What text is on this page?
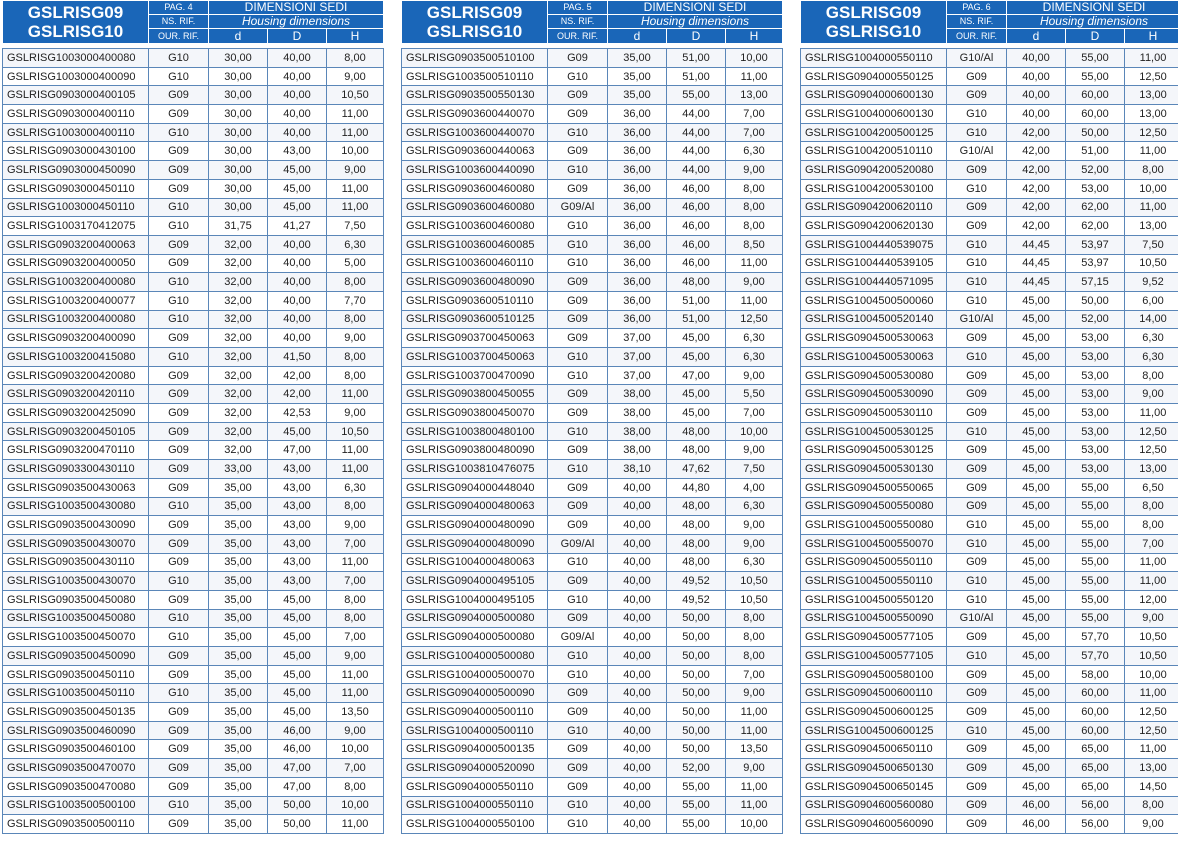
GSLRISG09
GSLRISG10	PAG. 4	DIMENSIONI SEDI		
	NS. RIF.	Housing dimensions		
	OUR. RIF.	d	D	H

GSLRISG1003000400080	G10	30,00	40,00	8,00
GSLRISG1003000400090	G10	30,00	40,00	9,00
GSLRISG0903000400105	G09	30,00	40,00	10,50
GSLRISG0903000400110	G09	30,00	40,00	11,00
GSLRISG1003000400110	G10	30,00	40,00	11,00
GSLRISG0903000430100	G09	30,00	43,00	10,00
GSLRISG0903000450090	G09	30,00	45,00	9,00
GSLRISG0903000450110	G09	30,00	45,00	11,00
GSLRISG1003000450110	G10	30,00	45,00	11,00
GSLRISG1003170412075	G10	31,75	41,27	7,50
GSLRISG0903200400063	G09	32,00	40,00	6,30
GSLRISG0903200400050	G09	32,00	40,00	5,00
GSLRISG1003200400080	G10	32,00	40,00	8,00
GSLRISG1003200400077	G10	32,00	40,00	7,70
GSLRISG1003200400080	G10	32,00	40,00	8,00
GSLRISG0903200400090	G09	32,00	40,00	9,00
GSLRISG1003200415080	G10	32,00	41,50	8,00
GSLRISG0903200420080	G09	32,00	42,00	8,00
GSLRISG0903200420110	G09	32,00	42,00	11,00
GSLRISG0903200425090	G09	32,00	42,53	9,00
GSLRISG0903200450105	G09	32,00	45,00	10,50
GSLRISG0903200470110	G09	32,00	47,00	11,00
GSLRISG0903300430110	G09	33,00	43,00	11,00
GSLRISG0903500430063	G09	35,00	43,00	6,30
GSLRISG1003500430080	G10	35,00	43,00	8,00
GSLRISG0903500430090	G09	35,00	43,00	9,00
GSLRISG0903500430070	G09	35,00	43,00	7,00
GSLRISG0903500430110	G09	35,00	43,00	11,00
GSLRISG1003500430070	G10	35,00	43,00	7,00
GSLRISG0903500450080	G09	35,00	45,00	8,00
GSLRISG1003500450080	G10	35,00	45,00	8,00
GSLRISG1003500450070	G10	35,00	45,00	7,00
GSLRISG0903500450090	G09	35,00	45,00	9,00
GSLRISG0903500450110	G09	35,00	45,00	11,00
GSLRISG1003500450110	G10	35,00	45,00	11,00
GSLRISG0903500450135	G09	35,00	45,00	13,50
GSLRISG0903500460090	G09	35,00	46,00	9,00
GSLRISG0903500460100	G09	35,00	46,00	10,00
GSLRISG0903500470070	G09	35,00	47,00	7,00
GSLRISG0903500470080	G09	35,00	47,00	8,00
GSLRISG1003500500100	G10	35,00	50,00	10,00
GSLRISG0903500500110	G09	35,00	50,00	11,00
GSLRISG09
GSLRISG10	PAG. 5	DIMENSIONI SEDI		
	NS. RIF.	Housing dimensions		
	OUR. RIF.	d	D	H

GSLRISG0903500510100	G09	35,00	51,00	10,00
GSLRISG1003500510110	G10	35,00	51,00	11,00
GSLRISG0903500550130	G09	35,00	55,00	13,00
GSLRISG0903600440070	G09	36,00	44,00	7,00
GSLRISG1003600440070	G10	36,00	44,00	7,00
GSLRISG0903600440063	G09	36,00	44,00	6,30
GSLRISG1003600440090	G10	36,00	44,00	9,00
GSLRISG0903600460080	G09	36,00	46,00	8,00
GSLRISG0903600460080	G09/Al	36,00	46,00	8,00
GSLRISG1003600460080	G10	36,00	46,00	8,00
GSLRISG1003600460085	G10	36,00	46,00	8,50
GSLRISG1003600460110	G10	36,00	46,00	11,00
GSLRISG0903600480090	G09	36,00	48,00	9,00
GSLRISG0903600510110	G09	36,00	51,00	11,00
GSLRISG0903600510125	G09	36,00	51,00	12,50
GSLRISG0903700450063	G09	37,00	45,00	6,30
GSLRISG1003700450063	G10	37,00	45,00	6,30
GSLRISG1003700470090	G10	37,00	47,00	9,00
GSLRISG0903800450055	G09	38,00	45,00	5,50
GSLRISG0903800450070	G09	38,00	45,00	7,00
GSLRISG1003800480100	G10	38,00	48,00	10,00
GSLRISG0903800480090	G09	38,00	48,00	9,00
GSLRISG1003810476075	G10	38,10	47,62	7,50
GSLRISG0904000448040	G09	40,00	44,80	4,00
GSLRISG0904000480063	G09	40,00	48,00	6,30
GSLRISG0904000480090	G09	40,00	48,00	9,00
GSLRISG0904000480090	G09/Al	40,00	48,00	9,00
GSLRISG1004000480063	G10	40,00	48,00	6,30
GSLRISG0904000495105	G09	40,00	49,52	10,50
GSLRISG1004000495105	G10	40,00	49,52	10,50
GSLRISG0904000500080	G09	40,00	50,00	8,00
GSLRISG0904000500080	G09/Al	40,00	50,00	8,00
GSLRISG1004000500080	G10	40,00	50,00	8,00
GSLRISG1004000500070	G10	40,00	50,00	7,00
GSLRISG0904000500090	G09	40,00	50,00	9,00
GSLRISG0904000500110	G09	40,00	50,00	11,00
GSLRISG1004000500110	G10	40,00	50,00	11,00
GSLRISG0904000500135	G09	40,00	50,00	13,50
GSLRISG0904000520090	G09	40,00	52,00	9,00
GSLRISG0904000550110	G09	40,00	55,00	11,00
GSLRISG1004000550110	G10	40,00	55,00	11,00
GSLRISG1004000550100	G10	40,00	55,00	10,00
GSLRISG09
GSLRISG10	PAG. 6	DIMENSIONI SEDI		
	NS. RIF.	Housing dimensions		
	OUR. RIF.	d	D	H

GSLRISG1004000550110	G10/Al	40,00	55,00	11,00
GSLRISG0904000550125	G09	40,00	55,00	12,50
GSLRISG0904000600130	G09	40,00	60,00	13,00
GSLRISG1004000600130	G10	40,00	60,00	13,00
GSLRISG1004200500125	G10	42,00	50,00	12,50
GSLRISG1004200510110	G10/Al	42,00	51,00	11,00
GSLRISG0904200520080	G09	42,00	52,00	8,00
GSLRISG1004200530100	G10	42,00	53,00	10,00
GSLRISG0904200620110	G09	42,00	62,00	11,00
GSLRISG0904200620130	G09	42,00	62,00	13,00
GSLRISG1004440539075	G10	44,45	53,97	7,50
GSLRISG1004440539105	G10	44,45	53,97	10,50
GSLRISG1004440571095	G10	44,45	57,15	9,52
GSLRISG1004500500060	G10	45,00	50,00	6,00
GSLRISG1004500520140	G10/Al	45,00	52,00	14,00
GSLRISG0904500530063	G09	45,00	53,00	6,30
GSLRISG1004500530063	G10	45,00	53,00	6,30
GSLRISG0904500530080	G09	45,00	53,00	8,00
GSLRISG0904500530090	G09	45,00	53,00	9,00
GSLRISG0904500530110	G09	45,00	53,00	11,00
GSLRISG1004500530125	G10	45,00	53,00	12,50
GSLRISG0904500530125	G09	45,00	53,00	12,50
GSLRISG0904500530130	G09	45,00	53,00	13,00
GSLRISG0904500550065	G09	45,00	55,00	6,50
GSLRISG0904500550080	G09	45,00	55,00	8,00
GSLRISG1004500550080	G10	45,00	55,00	8,00
GSLRISG1004500550070	G10	45,00	55,00	7,00
GSLRISG0904500550110	G09	45,00	55,00	11,00
GSLRISG1004500550110	G10	45,00	55,00	11,00
GSLRISG1004500550120	G10	45,00	55,00	12,00
GSLRISG1004500550090	G10/Al	45,00	55,00	9,00
GSLRISG0904500577105	G09	45,00	57,70	10,50
GSLRISG1004500577105	G10	45,00	57,70	10,50
GSLRISG0904500580100	G09	45,00	58,00	10,00
GSLRISG0904500600110	G09	45,00	60,00	11,00
GSLRISG0904500600125	G09	45,00	60,00	12,50
GSLRISG1004500600125	G10	45,00	60,00	12,50
GSLRISG0904500650110	G09	45,00	65,00	11,00
GSLRISG0904500650130	G09	45,00	65,00	13,00
GSLRISG0904500650145	G09	45,00	65,00	14,50
GSLRISG0904600560080	G09	46,00	56,00	8,00
GSLRISG0904600560090	G09	46,00	56,00	9,00
